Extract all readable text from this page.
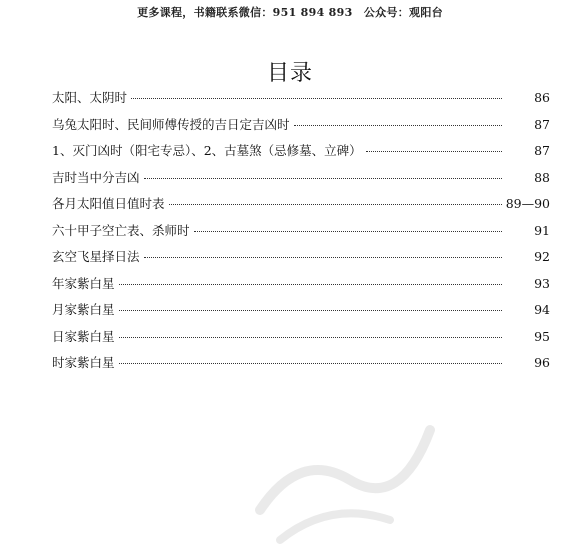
更多课程，书籍联系微信：951 894 893　公众号：观阳台
目录
太阳、太阴时	86
乌兔太阳时、民间师傅传授的吉日定吉凶时	87
1、灭门凶时（阳宅专忌）、2、古墓煞（忌修墓、立碑）	87
吉时当中分吉凶	88
各月太阳值日值时表	89—90
六十甲子空亡表、杀师时	91
玄空飞星择日法	92
年家紫白星	93
月家紫白星	94
日家紫白星	95
时家紫白星	96
